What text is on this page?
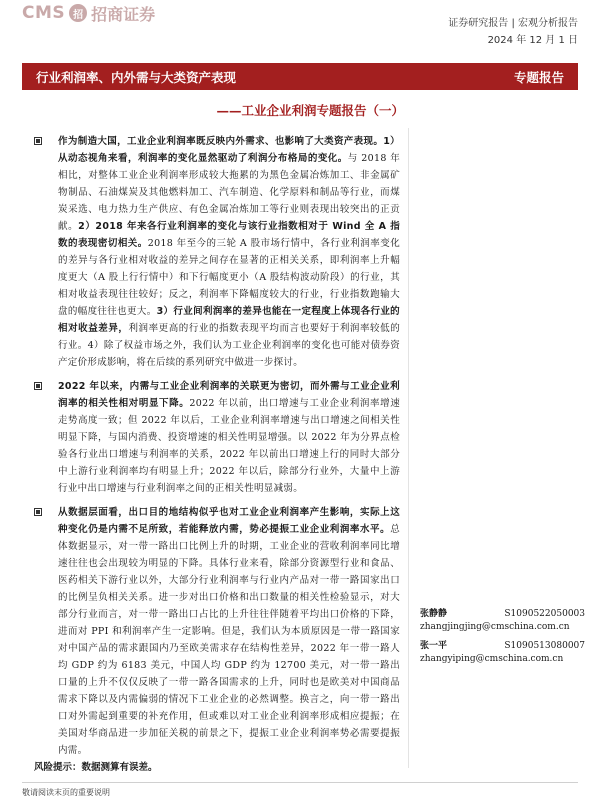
CMS 招 招商证券	证券研究报告 | 宏观分析报告
2024 年 12 月 1 日
行业利润率、内外需与大类资产表现	专题报告
——工业企业利润专题报告（一）

作为制造大国，工业企业利润率既反映内外需求、也影响了大类资产表现。1）从动态视角来看，利润率的变化显然驱动了利润分布格局的变化。与 2018 年相比，对整体工业企业利润率形成较大拖累的为黑色金属冶炼加工、非金属矿物制品、石油煤炭及其他燃料加工、汽车制造、化学原料和制品等行业，而煤炭采选、电力热力生产供应、有色金属冶炼加工等行业则表现出较突出的正贡献。2）2018 年来各行业利润率的变化与该行业指数相对于 Wind 全 A 指数的表现密切相关。2018 年至今的三轮 A 股市场行情中，各行业利润率变化的差异与各行业相对收益的差异之间存在显著的正相关关系，即利润率上升幅度更大（A 股上行行情中）和下行幅度更小（A 股结构波动阶段）的行业，其相对收益表现往往较好；反之，利润率下降幅度较大的行业，行业指数跑输大盘的幅度往往也更大。3）行业间利润率的差异也能在一定程度上体现各行业的相对收益差异，利润率更高的行业的指数表现平均而言也要好于利润率较低的行业。4）除了权益市场之外，我们认为工业企业利润率的变化也可能对债券资产定价形成影响，将在后续的系列研究中做进一步探讨。

2022 年以来，内需与工业企业利润率的关联更为密切，而外需与工业企业利润率的相关性相对明显下降。2022 年以前，出口增速与工业企业利润率增速走势高度一致；但 2022 年以后，工业企业利润率增速与出口增速之间相关性明显下降，与国内消费、投资增速的相关性明显增强。以 2022 年为分界点检验各行业出口增速与利润率的关系，2022 年以前出口增速上行的同时大部分中上游行业利润率均有明显上升；2022 年以后，除部分行业外，大量中上游行业中出口增速与行业利润率之间的正相关性明显减弱。

从数据层面看，出口目的地结构似乎也对工业企业利润率产生影响，实际上这种变化仍是内需不足所致，若能释放内需，势必提振工业企业利润率水平。总体数据显示，对一带一路出口比例上升的时期，工业企业的营收利润率同比增速往往也会出现较为明显的下降。具体行业来看，除部分资源型行业和食品、医药相关下游行业以外，大部分行业利润率与行业内产品对一带一路国家出口的比例呈负相关关系。进一步对出口价格和出口数量的相关性检验显示，对大部分行业而言，对一带一路出口占比的上升往往伴随着平均出口价格的下降，进而对 PPI 和利润率产生一定影响。但是，我们认为本质原因是一带一路国家对中国产品的需求跟国内乃至欧美需求存在结构性差异，2022 年一带一路人均 GDP 约为 6183 美元，中国人均 GDP 约为 12700 美元，对一带一路出口量的上升不仅仅反映了一带一路各国需求的上升，同时也是欧美对中国商品需求下降以及内需偏弱的情况下工业企业的必然调整。换言之，向一带一路出口对外需起到重要的补充作用，但或难以对工业企业利润率形成相应提振；在美国对华商品进一步加征关税的前景之下，提振工业企业利润率势必需要提振内需。

风险提示：数据测算有误差。
张静静	S1090522050003
zhangjingjing@cmschina.com.cn
张一平	S1090513080007
zhangyiping@cmschina.com.cn
敬请阅读末页的重要说明
